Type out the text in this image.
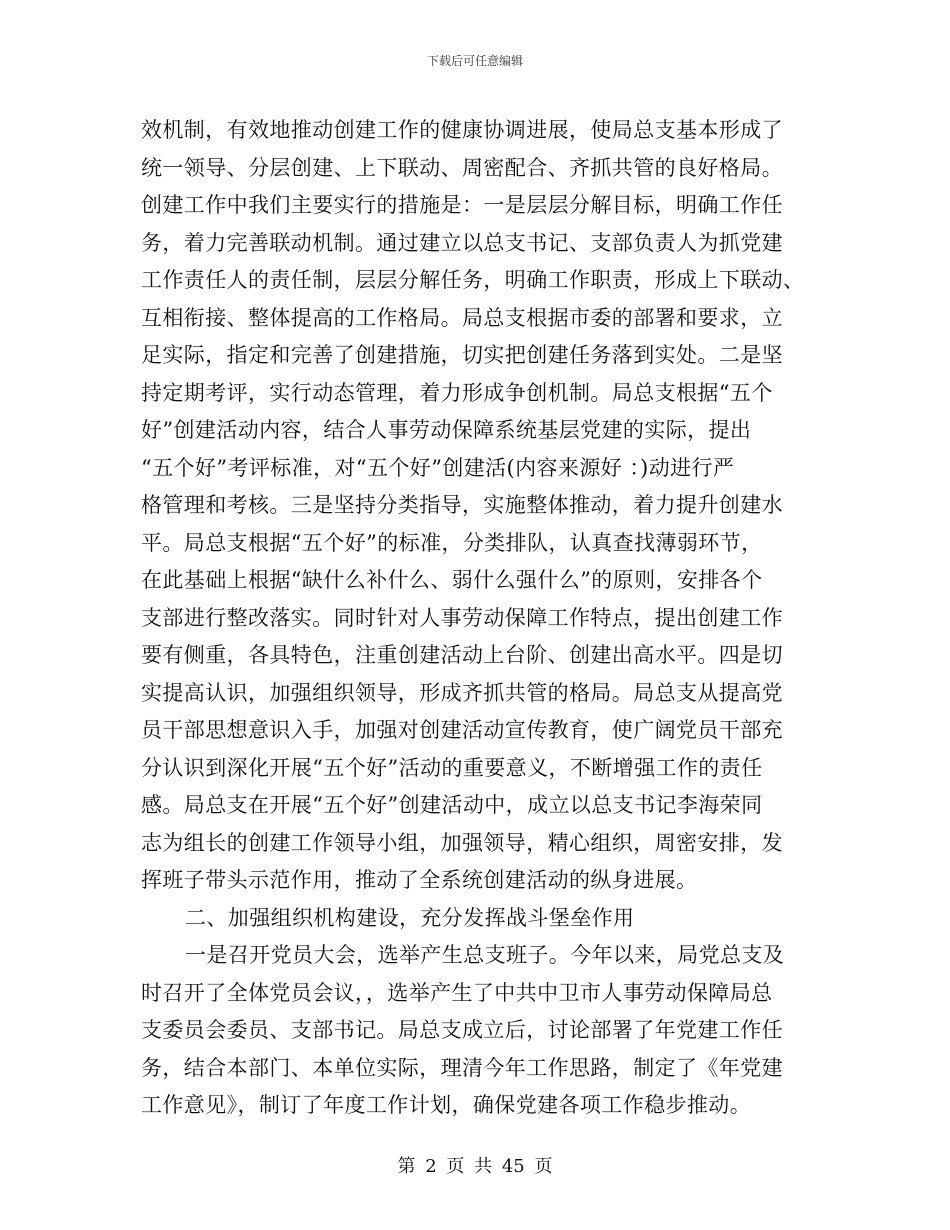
下载后可任意编辑
效机制，有效地推动创建工作的健康协调进展，使局总支基本形成了
统一领导、分层创建、上下联动、周密配合、齐抓共管的良好格局。
创建工作中我们主要实行的措施是：一是层层分解目标，明确工作任
务，着力完善联动机制。通过建立以总支书记、支部负责人为抓党建
工作责任人的责任制，层层分解任务，明确工作职责，形成上下联动、
互相衔接、整体提高的工作格局。局总支根据市委的部署和要求，立
足实际，指定和完善了创建措施，切实把创建任务落到实处。二是坚
持定期考评，实行动态管理，着力形成争创机制。局总支根据“五个
好”创建活动内容，结合人事劳动保障系统基层党建的实际，提出
“五个好”考评标准，对“五个好”创建活(内容来源好 ：)动进行严
格管理和考核。三是坚持分类指导，实施整体推动，着力提升创建水
平。局总支根据“五个好”的标准，分类排队，认真查找薄弱环节，
在此基础上根据“缺什么补什么、弱什么强什么”的原则，安排各个
支部进行整改落实。同时针对人事劳动保障工作特点，提出创建工作
要有侧重，各具特色，注重创建活动上台阶、创建出高水平。四是切
实提高认识，加强组织领导，形成齐抓共管的格局。局总支从提高党
员干部思想意识入手，加强对创建活动宣传教育，使广阔党员干部充
分认识到深化开展“五个好”活动的重要意义，不断增强工作的责任
感。局总支在开展“五个好”创建活动中，成立以总支书记李海荣同
志为组长的创建工作领导小组，加强领导，精心组织，周密安排，发
挥班子带头示范作用，推动了全系统创建活动的纵身进展。
二、加强组织机构建设，充分发挥战斗堡垒作用
一是召开党员大会，选举产生总支班子。今年以来，局党总支及
时召开了全体党员会议，，选举产生了中共中卫市人事劳动保障局总
支委员会委员、支部书记。局总支成立后，讨论部署了年党建工作任
务，结合本部门、本单位实际，理清今年工作思路，制定了《年党建
工作意见》，制订了年度工作计划，确保党建各项工作稳步推动。
第 2 页 共 45 页
